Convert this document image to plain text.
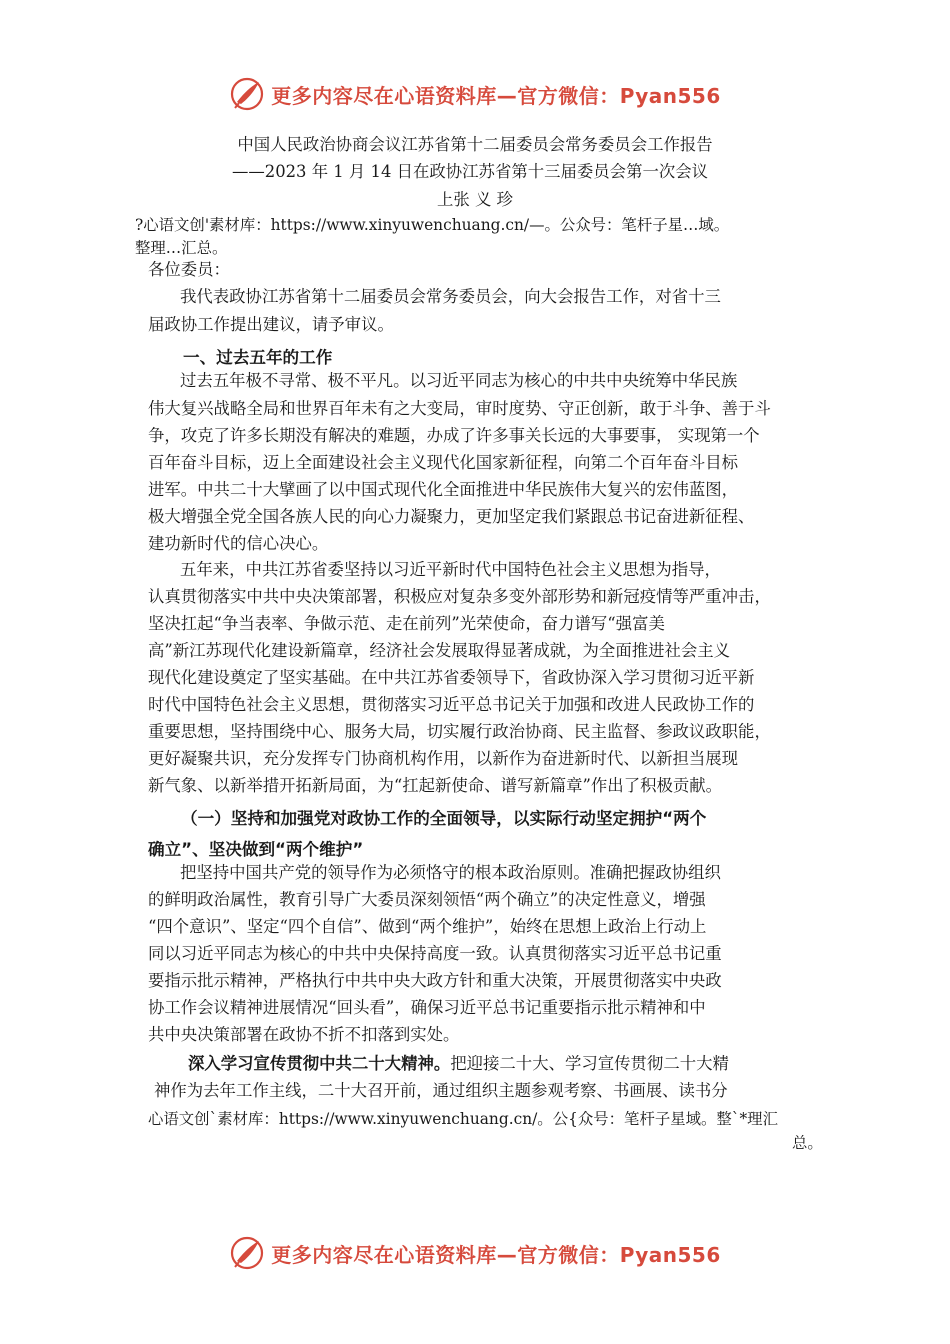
更多内容尽在心语资料库—官方微信：Pyan556
中国人民政治协商会议江苏省第十二届委员会常务委员会工作报告
——2023 年 1 月 14 日在政协江苏省第十三届委员会第一次会议
上张 义 珍
?心语文创'素材库：https://www.xinyuwenchuang.cn/—。公众号：笔杆子星…域。
整理…汇总。
各位委员：
我代表政协江苏省第十二届委员会常务委员会，向大会报告工作，对省十三
届政协工作提出建议，请予审议。
一、过去五年的工作
过去五年极不寻常、极不平凡。以习近平同志为核心的中共中央统筹中华民族
伟大复兴战略全局和世界百年未有之大变局，审时度势、守正创新，敢于斗争、善于斗
争，攻克了许多长期没有解决的难题，办成了许多事关长远的大事要事， 实现第一个
百年奋斗目标，迈上全面建设社会主义现代化国家新征程，向第二个百年奋斗目标
进军。中共二十大擘画了以中国式现代化全面推进中华民族伟大复兴的宏伟蓝图，
极大增强全党全国各族人民的向心力凝聚力，更加坚定我们紧跟总书记奋进新征程、
建功新时代的信心决心。
五年来，中共江苏省委坚持以习近平新时代中国特色社会主义思想为指导，
认真贯彻落实中共中央决策部署，积极应对复杂多变外部形势和新冠疫情等严重冲击，
坚决扛起“争当表率、争做示范、走在前列”光荣使命，奋力谱写“强富美
高”新江苏现代化建设新篇章，经济社会发展取得显著成就，为全面推进社会主义
现代化建设奠定了坚实基础。在中共江苏省委领导下，省政协深入学习贯彻习近平新
时代中国特色社会主义思想，贯彻落实习近平总书记关于加强和改进人民政协工作的
重要思想，坚持围绕中心、服务大局，切实履行政治协商、民主监督、参政议政职能，
更好凝聚共识，充分发挥专门协商机构作用，以新作为奋进新时代、以新担当展现
新气象、以新举措开拓新局面，为“扛起新使命、谱写新篇章”作出了积极贡献。
（一）坚持和加强党对政协工作的全面领导，以实际行动坚定拥护“两个
确立”、坚决做到“两个维护”
把坚持中国共产党的领导作为必须恪守的根本政治原则。准确把握政协组织
的鲜明政治属性，教育引导广大委员深刻领悟“两个确立”的决定性意义，增强
“四个意识”、坚定“四个自信”、做到“两个维护”，始终在思想上政治上行动上
同以习近平同志为核心的中共中央保持高度一致。认真贯彻落实习近平总书记重
要指示批示精神，严格执行中共中央大政方针和重大决策，开展贯彻落实中央政
协工作会议精神进展情况“回头看”，确保习近平总书记重要指示批示精神和中
共中央决策部署在政协不折不扣落到实处。
深入学习宣传贯彻中共二十大精神。把迎接二十大、学习宣传贯彻二十大精
神作为去年工作主线，二十大召开前，通过组织主题参观考察、书画展、读书分
心语文创`素材库：https://www.xinyuwenchuang.cn/。公{众号：笔杆子星域。整`*理汇
总。
更多内容尽在心语资料库—官方微信：Pyan556
